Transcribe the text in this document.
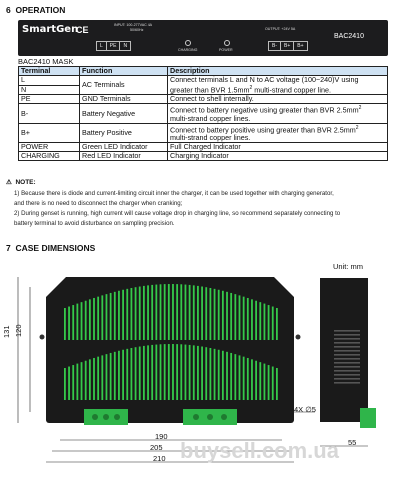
6 OPERATION
SmartGen
CE	INPUT: 100-277VAC 4A
50/60Hz
L	PE	N
CHARGING	POWER
OUTPUT: +24V 5A
B-	B+	B+
BAC2410
BAC2410 MASK
Terminal	Function	Description
L	AC Terminals	Connect terminals L and N to AC voltage (100~240)V using
greater than BVR $1.5mm^2$ multi-strand copper line.
N		
PE	GND Terminals	Connect to shell internally.
B-	Battery Negative	Connect to battery negative using greater than BVR $2.5mm^2$
multi-strand copper lines.
B+	Battery Positive	Connect to battery positive using greater than BVR $2.5mm^2$
multi-strand copper lines.
POWER	Green LED Indicator	Full Charged Indicator
CHARGING	Red LED Indicator	Charging Indicator
⚠ NOTE:
1) Because there is diode and current-limiting circuit inner the charger, it can be used together with charging generator,
and there is no need to disconnect the charger when cranking;
2) During genset is running, high current will cause voltage drop in charging line, so recommend separately connecting to
battery terminal to avoid disturbance on sampling precision.
7 CASE DIMENSIONS
Unit: mm
131 120
190
205
210
4X ∅5
55
buysell.com.ua
